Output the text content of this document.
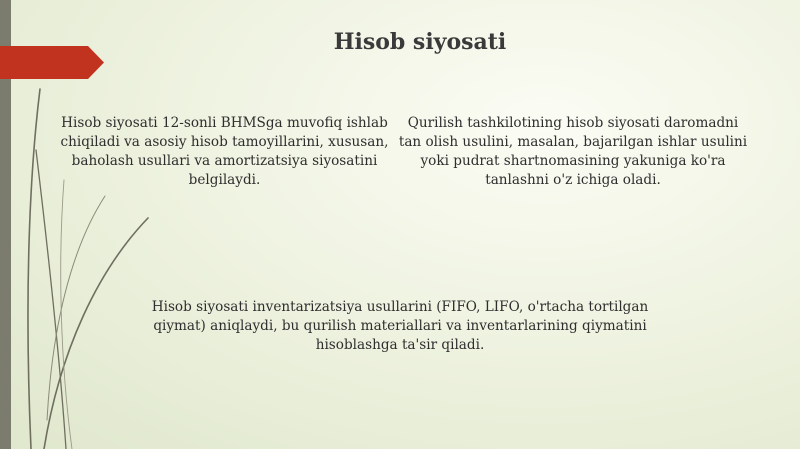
Hisob siyosati
Hisob siyosati 12-sonli BHMSga muvofiq ishlab chiqiladi va asosiy hisob tamoyillarini, xususan, baholash usullari va amortizatsiya siyosatini belgilaydi.
Qurilish tashkilotining hisob siyosati daromadni tan olish usulini, masalan, bajarilgan ishlar usulini yoki pudrat shartnomasining yakuniga ko'ra tanlashni o'z ichiga oladi.
Hisob siyosati inventarizatsiya usullarini (FIFO, LIFO, o'rtacha tortilgan qiymat) aniqlaydi, bu qurilish materiallari va inventarlarining qiymatini hisoblashga ta'sir qiladi.
